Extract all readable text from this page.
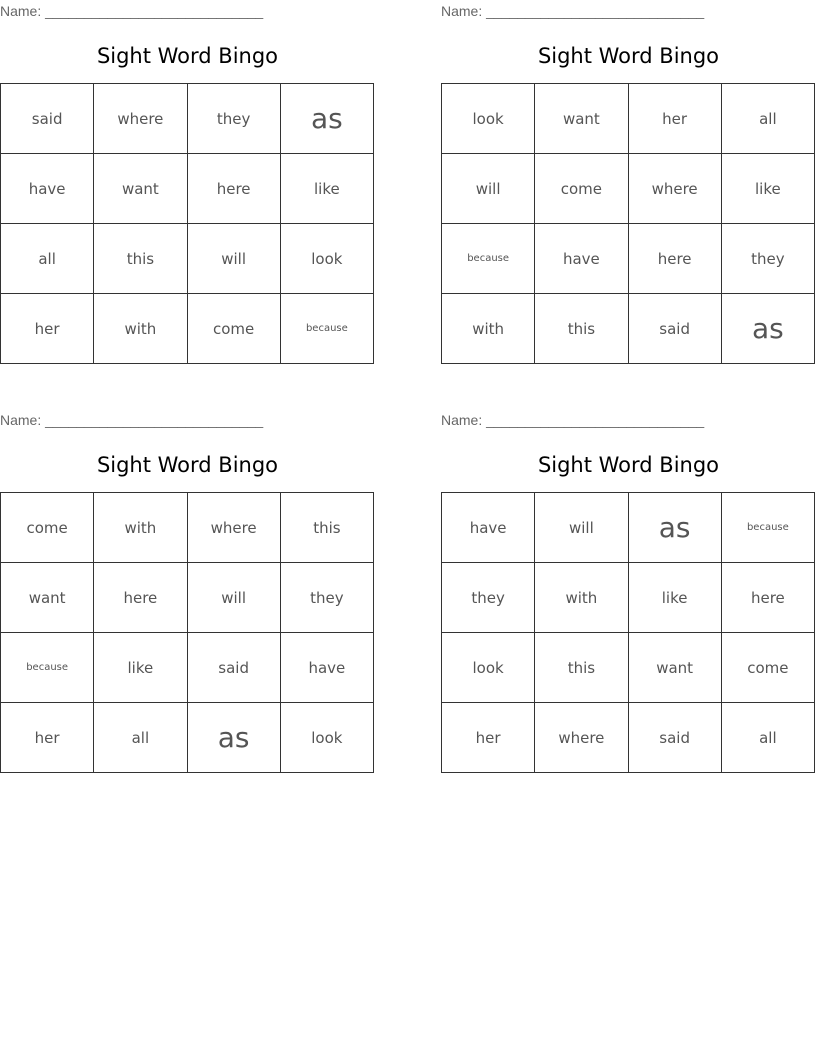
Name: ____________________________
Sight Word Bingo
said	where	they	as
have	want	here	like
all	this	will	look
her	with	come	because
Name: ____________________________
Sight Word Bingo
look	want	her	all
will	come	where	like
because	have	here	they
with	this	said	as
Name: ____________________________
Sight Word Bingo
come	with	where	this
want	here	will	they
because	like	said	have
her	all	as	look
Name: ____________________________
Sight Word Bingo
have	will	as	because
they	with	like	here
look	this	want	come
her	where	said	all
